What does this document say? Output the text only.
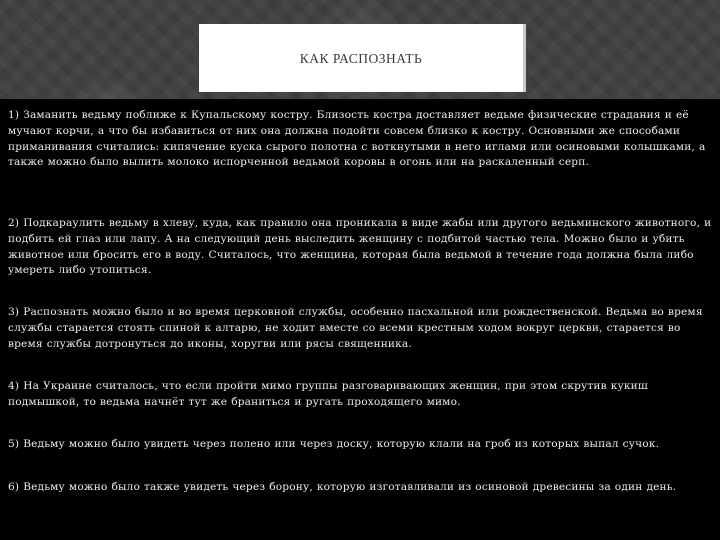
КАК РАСПОЗНАТЬ

1) Заманить ведьму поближе к Купальскому костру. Близость костра доставляет ведьме физические страдания и её мучают корчи, а что бы избавиться от них она должна подойти совсем близко к костру. Основными же способами приманивания считались: кипячение куска сырого полотна с воткнутыми в него иглами или осиновыми колышками, а также можно было вылить молоко испорченной ведьмой коровы в огонь или на раскаленный серп.

2) Подкараулить ведьму в хлеву, куда, как правило она проникала в виде жабы или другого ведьминского животного, и подбить ей глаз или лапу. А на следующий день выследить женщину с подбитой частью тела. Можно было и убить животное или бросить его в воду. Считалось, что женщина, которая была ведьмой в течение года должна была либо умереть либо утопиться.

3) Распознать можно было и во время церковной службы, особенно пасхальной или рождественской. Ведьма во время службы старается стоять спиной к алтарю, не ходит вместе со всеми крестным ходом вокруг церкви, старается во время службы дотронуться до иконы, хоругви или рясы священника.

4) На Украине считалось, что если пройти мимо группы разговаривающих женщин, при этом скрутив кукиш подмышкой, то ведьма начнёт тут же браниться и ругать проходящего мимо.

5) Ведьму можно было увидеть через полено или через доску, которую клали на гроб из которых выпал сучок.

6) Ведьму можно было также увидеть через борону, которую изготавливали из осиновой древесины за один день.
